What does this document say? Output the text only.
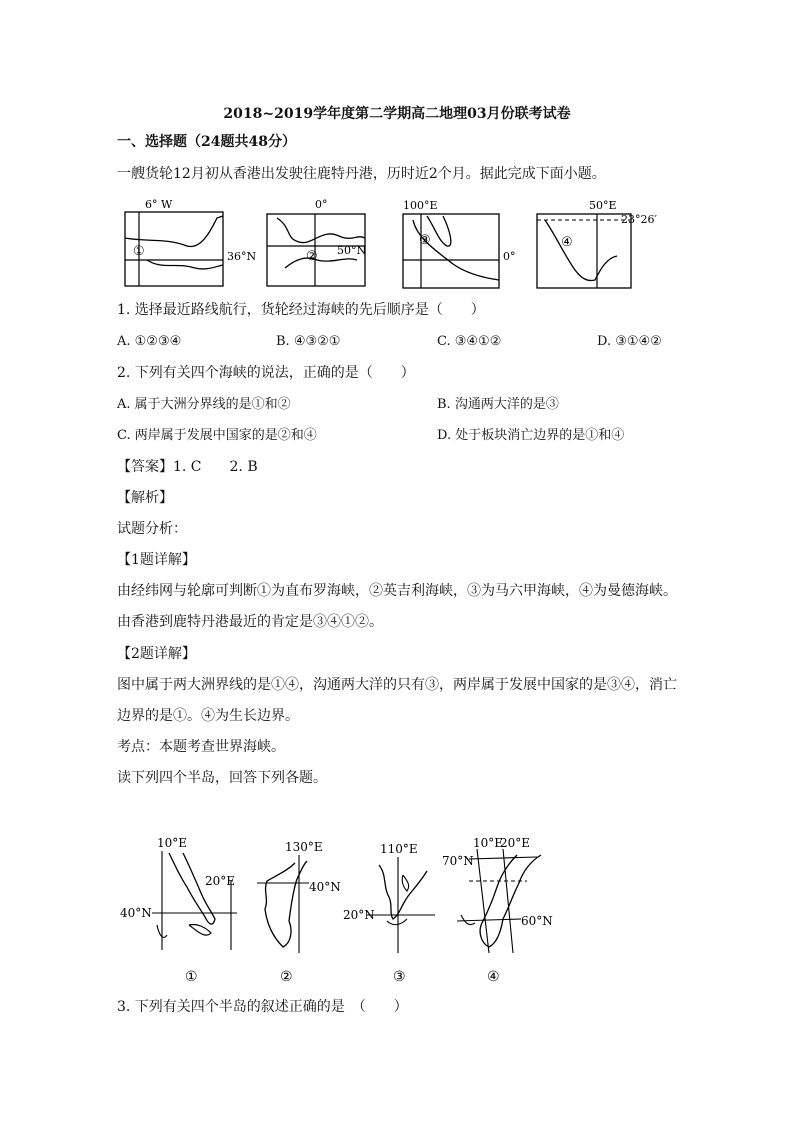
2018~2019学年度第二学期高二地理03月份联考试卷
一、选择题（24题共48分）
一艘货轮12月初从香港出发驶往鹿特丹港，历时近2个月。据此完成下面小题。
6° W
36°N
①
0°
50°N
②
100°E
0°
③
50°E
23°26′
④
1. 选择最近路线航行，货轮经过海峡的先后顺序是（　　）
A. ①②③④	B. ④③②①	C. ③④①②	D. ③①④②
2. 下列有关四个海峡的说法，正确的是（　　）
A. 属于大洲分界线的是①和②	B. 沟通两大洋的是③
C. 两岸属于发展中国家的是②和④	D. 处于板块消亡边界的是①和④
【答案】1. C　　2. B
【解析】
试题分析：
【1题详解】
由经纬网与轮廓可判断①为直布罗海峡，②英吉利海峡，③为马六甲海峡，④为曼德海峡。
由香港到鹿特丹港最近的肯定是③④①②。
【2题详解】
图中属于两大洲界线的是①④，沟通两大洋的只有③，两岸属于发展中国家的是③④，消亡
边界的是①。④为生长边界。
考点：本题考查世界海峡。
读下列四个半岛，回答下列各题。
10°E
20°E
40°N
①
130°E
40°N
②
110°E
20°N
③
10°E
20°E
70°N
60°N
④
3. 下列有关四个半岛的叙述正确的是　（　　）
